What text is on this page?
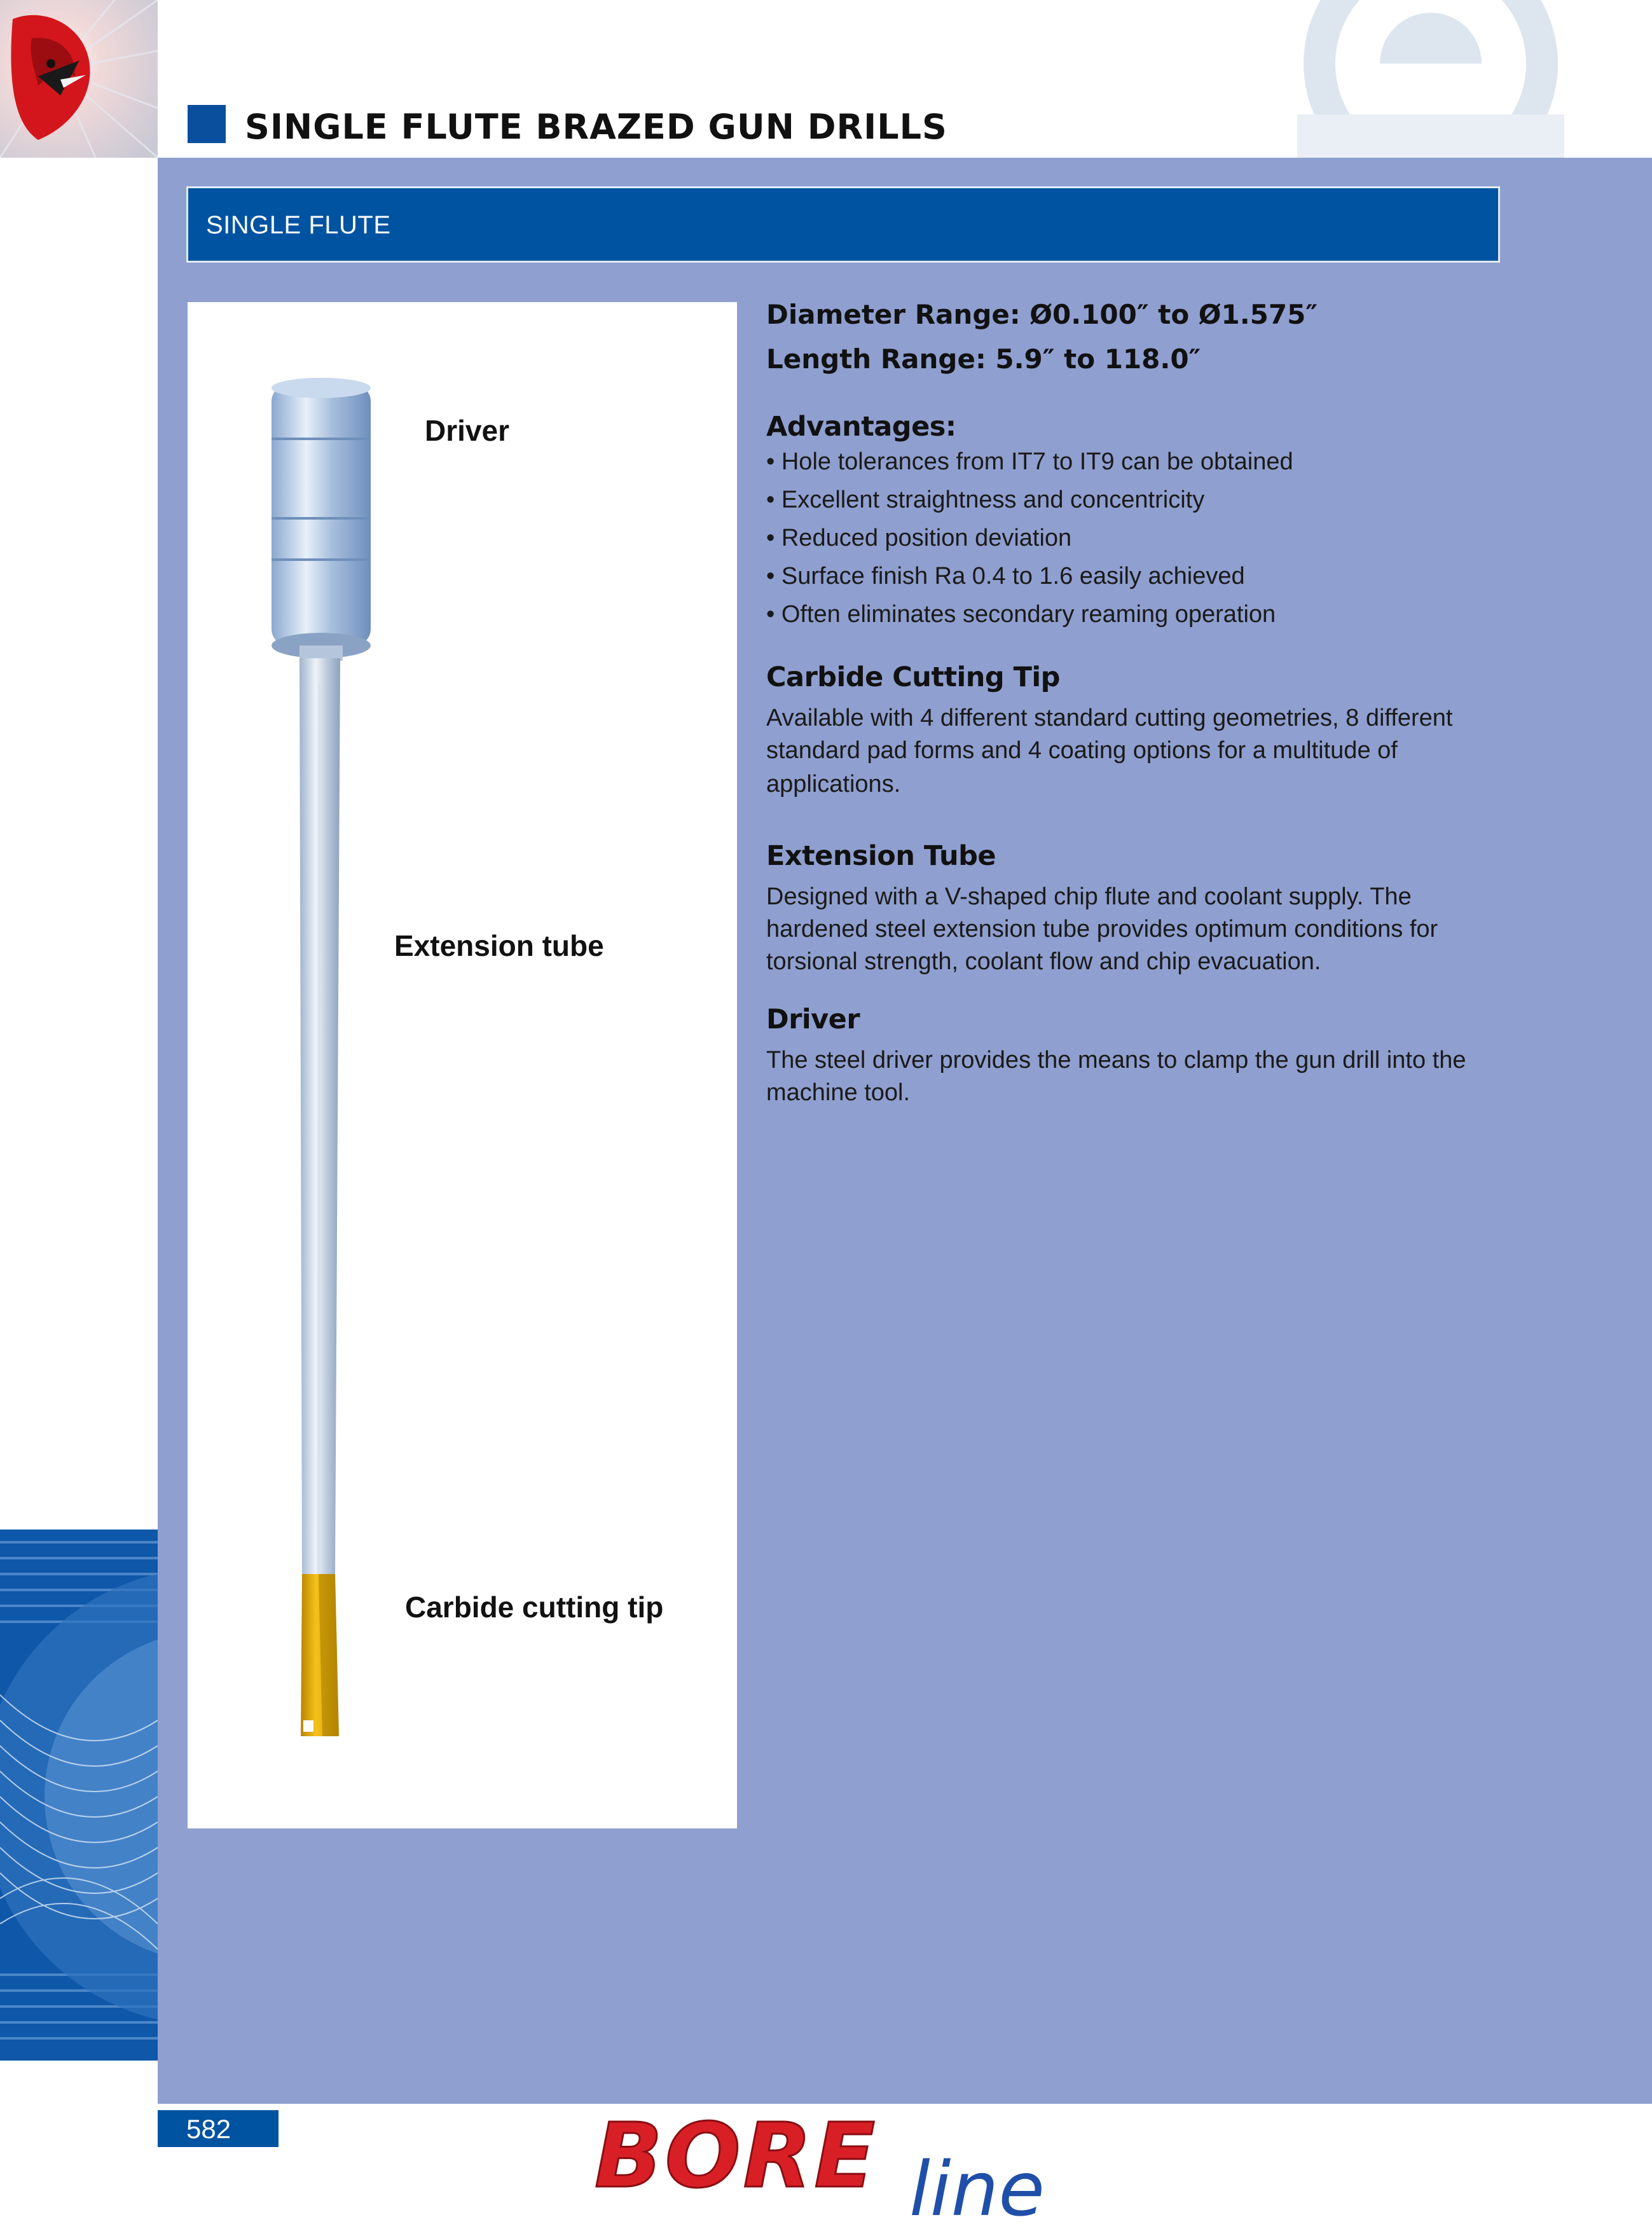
SINGLE FLUTE BRAZED GUN DRILLS
SINGLE FLUTE
Driver
Extension tube
Carbide cutting tip
Diameter Range: Ø0.100″ to Ø1.575″
Length Range: 5.9″ to 118.0″
Advantages:
• Hole tolerances from IT7 to IT9 can be obtained
• Excellent straightness and concentricity
• Reduced position deviation
• Surface finish Ra 0.4 to 1.6 easily achieved
• Often eliminates secondary reaming operation
Carbide Cutting Tip
Available with 4 different standard cutting geometries, 8 different standard pad forms and 4 coating options for a multitude of
applications.
Extension Tube
Designed with a V-shaped chip flute and coolant supply. The hardened steel extension tube provides optimum conditions for torsional strength, coolant flow and chip evacuation.
Driver
The steel driver provides the means to clamp the gun drill into the machine tool.
582	BORE line
